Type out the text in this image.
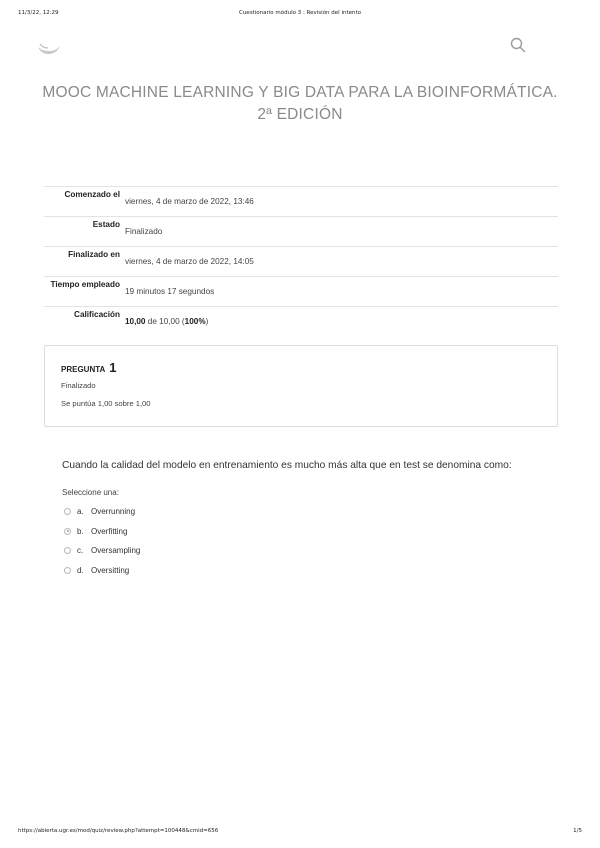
11/3/22, 12:29	Cuestionario módulo 3 : Revisión del intento
MOOC MACHINE LEARNING Y BIG DATA PARA LA BIOINFORMÁTICA. 2ª EDICIÓN
Comenzado el	viernes, 4 de marzo de 2022, 13:46
Estado	Finalizado
Finalizado en	viernes, 4 de marzo de 2022, 14:05
Tiempo empleado	19 minutos 17 segundos
Calificación	10,00 de 10,00 (100%)
PREGUNTA 1
Finalizado
Se puntúa 1,00 sobre 1,00
Cuando la calidad del modelo en entrenamiento es mucho más alta que en test se denomina como:
Seleccione una:
a. Overrunning
b. Overfitting
c. Oversampling
d. Oversitting
https://abierta.ugr.es/mod/quiz/review.php?attempt=100448&cmid=656	1/5
